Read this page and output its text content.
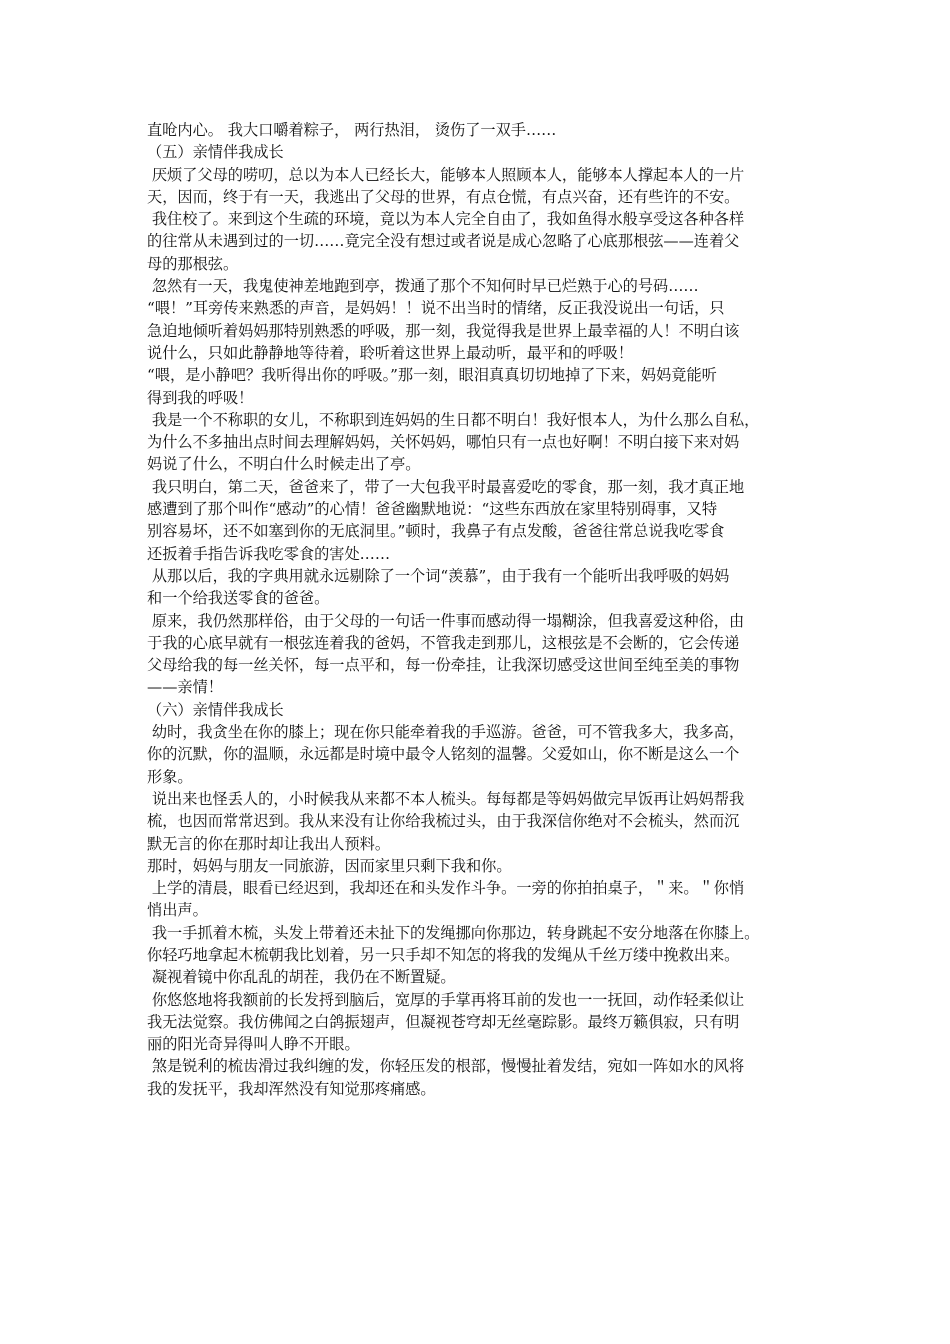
直呛内心。 我大口嚼着粽子， 两行热泪， 烫伤了一双手……
（五）亲情伴我成长
厌烦了父母的唠叨，总以为本人已经长大，能够本人照顾本人，能够本人撑起本人的一片
天，因而，终于有一天，我逃出了父母的世界，有点仓慌，有点兴奋，还有些许的不安。
我住校了。来到这个生疏的环境，竟以为本人完全自由了，我如鱼得水般享受这各种各样
的往常从未遇到过的一切……竟完全没有想过或者说是成心忽略了心底那根弦——连着父
母的那根弦。
忽然有一天，我鬼使神差地跑到亭，拨通了那个不知何时早已烂熟于心的号码……
“喂！”耳旁传来熟悉的声音，是妈妈！！说不出当时的情绪，反正我没说出一句话，只
急迫地倾听着妈妈那特别熟悉的呼吸，那一刻，我觉得我是世界上最幸福的人！不明白该
说什么，只如此静静地等待着，聆听着这世界上最动听，最平和的呼吸！
“喂，是小静吧？我听得出你的呼吸。”那一刻，眼泪真真切切地掉了下来，妈妈竟能听
得到我的呼吸！
我是一个不称职的女儿，不称职到连妈妈的生日都不明白！我好恨本人，为什么那么自私，
为什么不多抽出点时间去理解妈妈，关怀妈妈，哪怕只有一点也好啊！不明白接下来对妈
妈说了什么，不明白什么时候走出了亭。
我只明白，第二天，爸爸来了，带了一大包我平时最喜爱吃的零食，那一刻，我才真正地
感遭到了那个叫作“感动”的心情！爸爸幽默地说：“这些东西放在家里特别碍事，又特
别容易坏，还不如塞到你的无底洞里。”顿时，我鼻子有点发酸，爸爸往常总说我吃零食
还扳着手指告诉我吃零食的害处……
从那以后，我的字典用就永远剔除了一个词“羡慕”，由于我有一个能听出我呼吸的妈妈
和一个给我送零食的爸爸。
原来，我仍然那样俗，由于父母的一句话一件事而感动得一塌糊涂，但我喜爱这种俗，由
于我的心底早就有一根弦连着我的爸妈，不管我走到那儿，这根弦是不会断的，它会传递
父母给我的每一丝关怀，每一点平和，每一份牵挂，让我深切感受这世间至纯至美的事物
——亲情！
（六）亲情伴我成长
幼时，我贪坐在你的膝上；现在你只能牵着我的手巡游。爸爸，可不管我多大，我多高，
你的沉默，你的温顺，永远都是时境中最令人铭刻的温馨。父爱如山，你不断是这么一个
形象。
说出来也怪丢人的，小时候我从来都不本人梳头。每每都是等妈妈做完早饭再让妈妈帮我
梳，也因而常常迟到。我从来没有让你给我梳过头，由于我深信你绝对不会梳头，然而沉
默无言的你在那时却让我出人预料。
那时，妈妈与朋友一同旅游，因而家里只剩下我和你。
上学的清晨，眼看已经迟到，我却还在和头发作斗争。一旁的你拍拍桌子，＂来。＂你悄
悄出声。
我一手抓着木梳，头发上带着还未扯下的发绳挪向你那边，转身跳起不安分地落在你膝上。
你轻巧地拿起木梳朝我比划着，另一只手却不知怎的将我的发绳从千丝万缕中挽救出来。
凝视着镜中你乱乱的胡茬，我仍在不断置疑。
你悠悠地将我额前的长发捋到脑后，宽厚的手掌再将耳前的发也一一抚回，动作轻柔似让
我无法觉察。我仿佛闻之白鸽振翅声，但凝视苍穹却无丝毫踪影。最终万籁俱寂，只有明
丽的阳光奇异得叫人睁不开眼。
煞是锐利的梳齿滑过我纠缠的发，你轻压发的根部，慢慢扯着发结，宛如一阵如水的风将
我的发抚平，我却浑然没有知觉那疼痛感。
